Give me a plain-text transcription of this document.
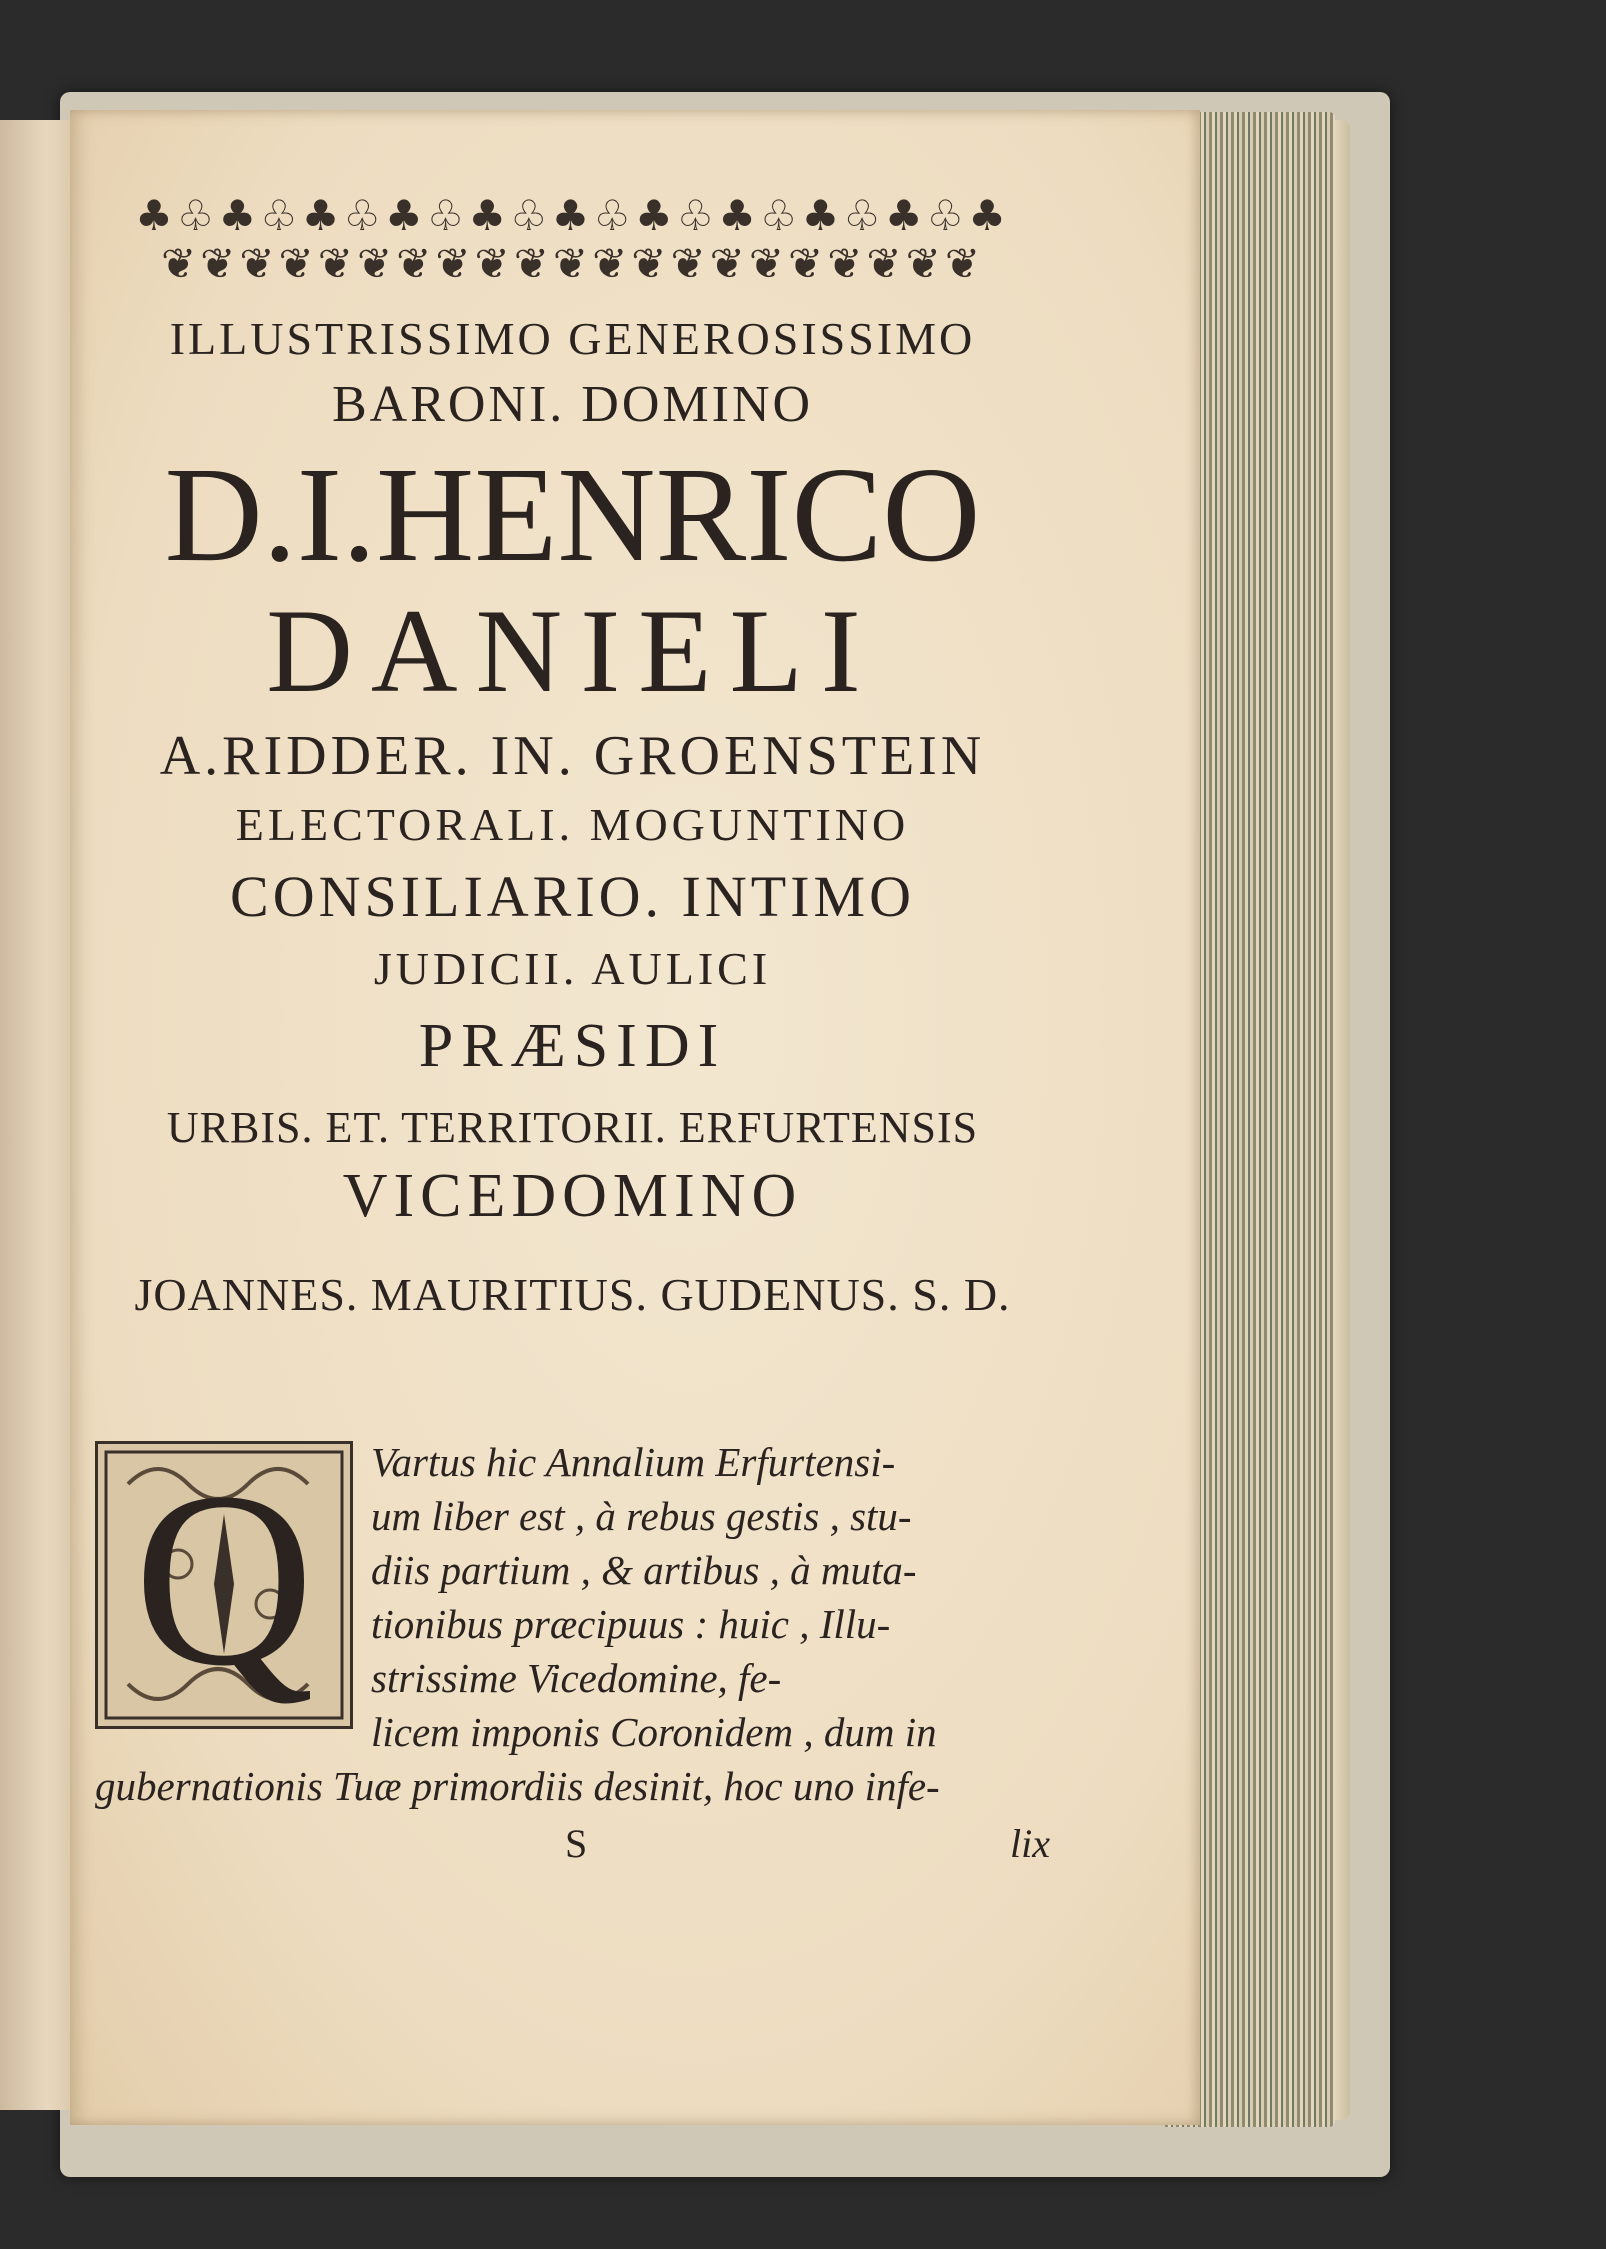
♣♧♣♧♣♧♣♧♣♧♣♧♣♧♣♧♣♧♣♧♣
❦❦❦❦❦❦❦❦❦❦❦❦❦❦❦❦❦❦❦❦❦
ILLUSTRISSIMO GENEROSISSIMO
BARONI. DOMINO
D.I.HENRICO
DANIELI
A.RIDDER. IN. GROENSTEIN
ELECTORALI. MOGUNTINO
CONSILIARIO. INTIMO
JUDICII. AULICI
PRÆSIDI
URBIS. ET. TERRITORII. ERFURTENSIS
VICEDOMINO
JOANNES. MAURITIUS. GUDENUS. S. D.
Q	Vartus hic Annalium Erfurtensi-
um liber est , à rebus gestis , stu-
diis partium , & artibus , à muta-
tionibus præcipuus : huic , Illu-
strissime Vicedomine, fe-
licem imponis Coronidem , dum in
gubernationis Tuæ primordiis desinit, hoc uno infe-
S	lix
